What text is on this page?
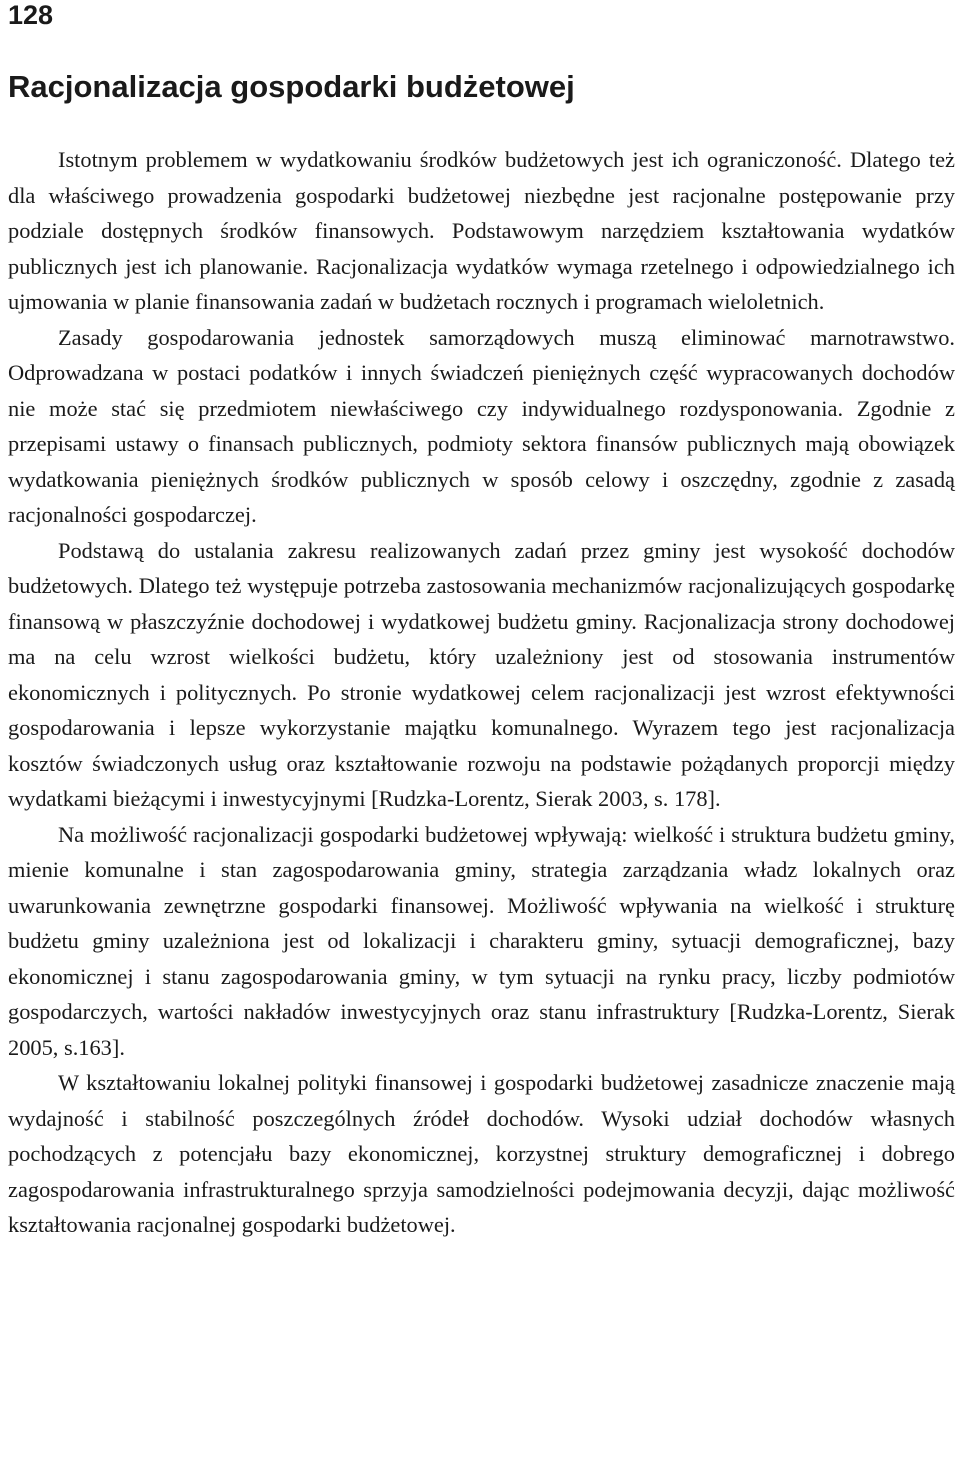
128
Racjonalizacja gospodarki budżetowej

Istotnym problemem w wydatkowaniu środków budżetowych jest ich ograniczoność. Dlatego też dla właściwego prowadzenia gospodarki budżetowej niezbędne jest racjonalne postępowanie przy podziale dostępnych środków finansowych. Podstawowym narzędziem kształtowania wydatków publicznych jest ich planowanie. Racjonalizacja wydatków wymaga rzetelnego i odpowiedzialnego ich ujmowania w planie finansowania zadań w budżetach rocznych i programach wieloletnich.

Zasady gospodarowania jednostek samorządowych muszą eliminować marnotrawstwo. Odprowadzana w postaci podatków i innych świadczeń pieniężnych część wypracowanych dochodów nie może stać się przedmiotem niewłaściwego czy indywidualnego rozdysponowania. Zgodnie z przepisami ustawy o finansach publicznych, podmioty sektora finansów publicznych mają obowiązek wydatkowania pieniężnych środków publicznych w sposób celowy i oszczędny, zgodnie z zasadą racjonalności gospodarczej.

Podstawą do ustalania zakresu realizowanych zadań przez gminy jest wysokość dochodów budżetowych. Dlatego też występuje potrzeba zastosowania mechanizmów racjonalizujących gospodarkę finansową w płaszczyźnie dochodowej i wydatkowej budżetu gminy. Racjonalizacja strony dochodowej ma na celu wzrost wielkości budżetu, który uzależniony jest od stosowania instrumentów ekonomicznych i politycznych. Po stronie wydatkowej celem racjonalizacji jest wzrost efektywności gospodarowania i lepsze wykorzystanie majątku komunalnego. Wyrazem tego jest racjonalizacja kosztów świadczonych usług oraz kształtowanie rozwoju na podstawie pożądanych proporcji między wydatkami bieżącymi i inwestycyjnymi [Rudzka-Lorentz, Sierak 2003, s. 178].

Na możliwość racjonalizacji gospodarki budżetowej wpływają: wielkość i struktura budżetu gminy, mienie komunalne i stan zagospodarowania gminy, strategia zarządzania władz lokalnych oraz uwarunkowania zewnętrzne gospodarki finansowej. Możliwość wpływania na wielkość i strukturę budżetu gminy uzależniona jest od lokalizacji i charakteru gminy, sytuacji demograficznej, bazy ekonomicznej i stanu zagospodarowania gminy, w tym sytuacji na rynku pracy, liczby podmiotów gospodarczych, wartości nakładów inwestycyjnych oraz stanu infrastruktury [Rudzka-Lorentz, Sierak 2005, s.163].

W kształtowaniu lokalnej polityki finansowej i gospodarki budżetowej zasadnicze znaczenie mają wydajność i stabilność poszczególnych źródeł dochodów. Wysoki udział dochodów własnych pochodzących z potencjału bazy ekonomicznej, korzystnej struktury demograficznej i dobrego zagospodarowania infrastrukturalnego sprzyja samodzielności podejmowania decyzji, dając możliwość kształtowania racjonalnej gospodarki budżetowej.
